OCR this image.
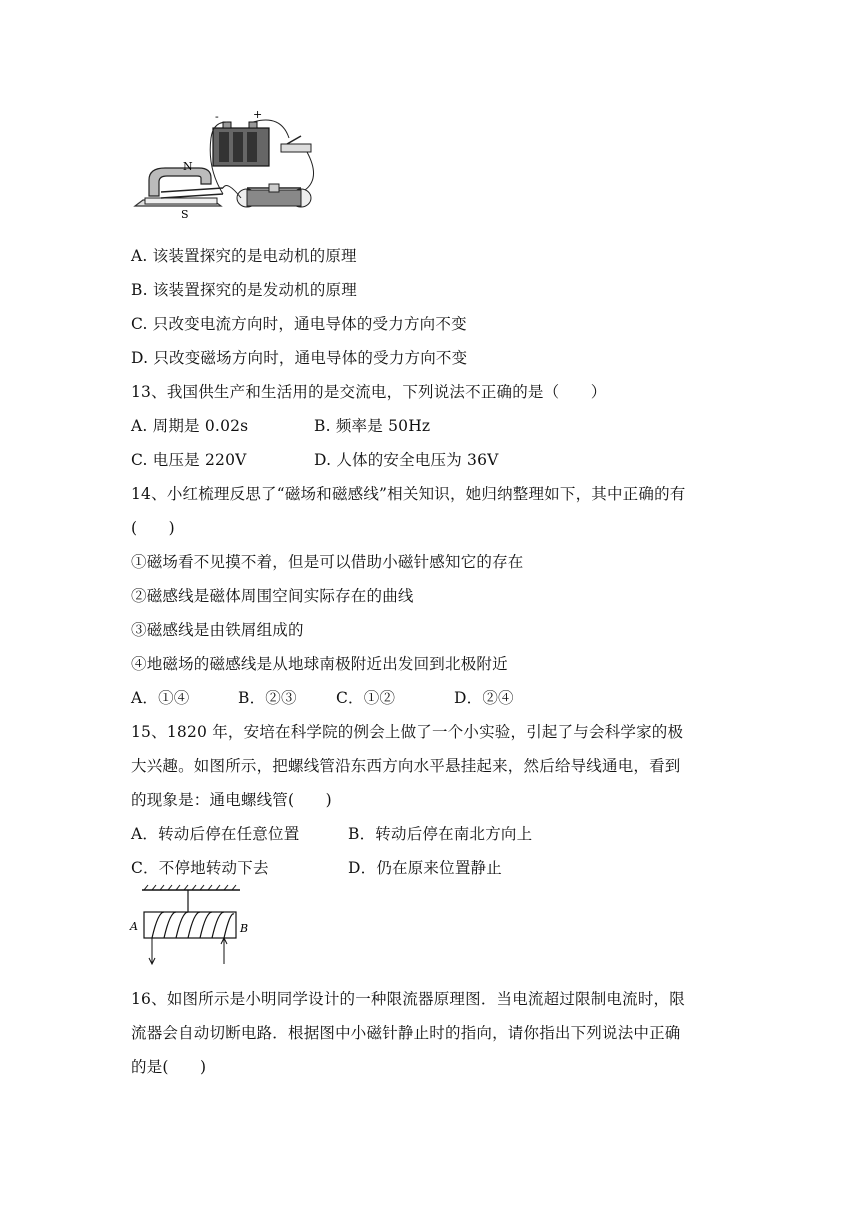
N
S
-	+
A. 该装置探究的是电动机的原理
B. 该装置探究的是发动机的原理
C. 只改变电流方向时，通电导体的受力方向不变
D. 只改变磁场方向时，通电导体的受力方向不变
13、我国供生产和生活用的是交流电，下列说法不正确的是（　　）
A. 周期是 0.02s	B. 频率是 50Hz
C. 电压是 220V	D. 人体的安全电压为 36V
14、小红梳理反思了“磁场和磁感线”相关知识，她归纳整理如下，其中正确的有
(　　)
①磁场看不见摸不着，但是可以借助小磁针感知它的存在
②磁感线是磁体周围空间实际存在的曲线
③磁感线是由铁屑组成的
④地磁场的磁感线是从地球南极附近出发回到北极附近
A．①④	B．②③	C．①②	D．②④
15、1820 年，安培在科学院的例会上做了一个小实验，引起了与会科学家的极
大兴趣。如图所示，把螺线管沿东西方向水平悬挂起来，然后给导线通电，看到
的现象是：通电螺线管(　　)
A．转动后停在任意位置	B．转动后停在南北方向上
C．不停地转动下去	D．仍在原来位置静止
A	B
16、如图所示是小明同学设计的一种限流器原理图．当电流超过限制电流时，限
流器会自动切断电路．根据图中小磁针静止时的指向，请你指出下列说法中正确
的是(　　)
